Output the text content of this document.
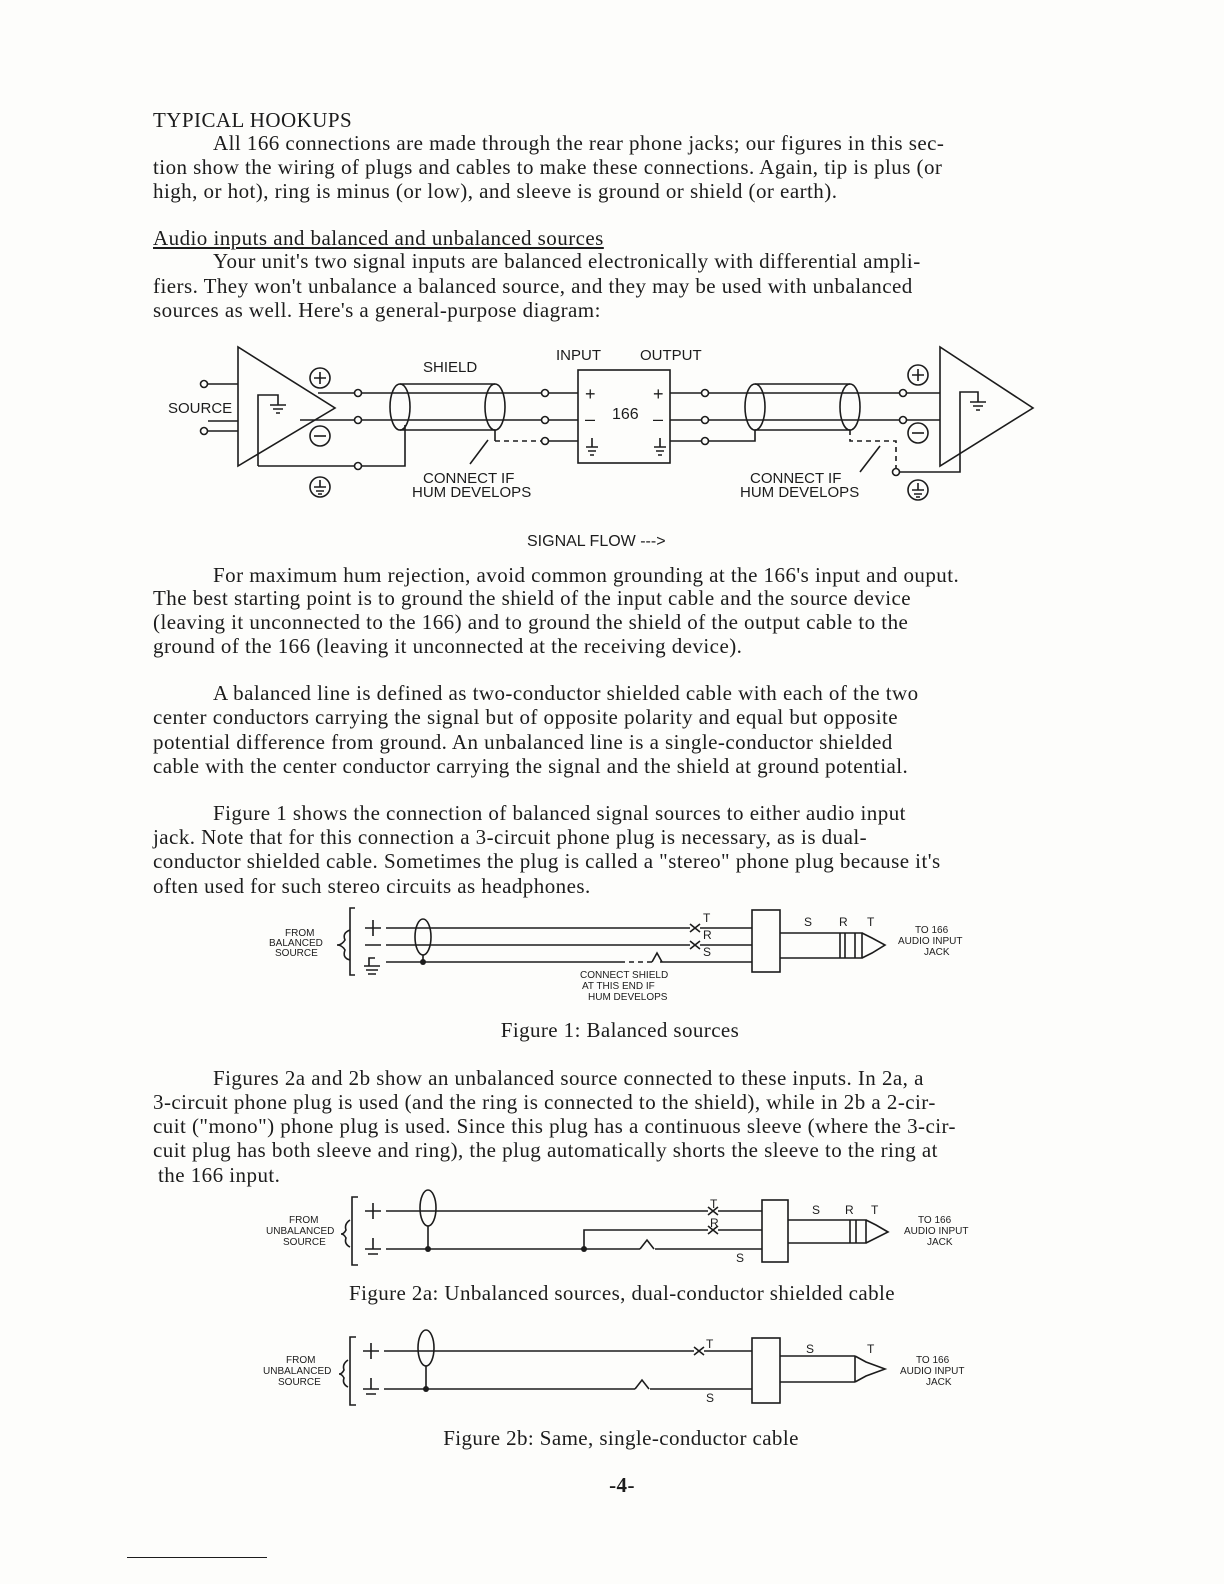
TYPICAL HOOKUPS
All 166 connections are made through the rear phone jacks; our figures in this sec-
tion show the wiring of plugs and cables to make these connections. Again, tip is plus (or
high, or hot), ring is minus (or low), and sleeve is ground or shield (or earth).
Audio inputs and balanced and unbalanced sources
Your unit's two signal inputs are balanced electronically with differential ampli-
fiers. They won't unbalance a balanced source, and they may be used with unbalanced
sources as well. Here's a general-purpose diagram:
For maximum hum rejection, avoid common grounding at the 166's input and ouput.
The best starting point is to ground the shield of the input cable and the source device
(leaving it unconnected to the 166) and to ground the shield of the output cable to the
ground of the 166 (leaving it unconnected at the receiving device).
A balanced line is defined as two-conductor shielded cable with each of the two
center conductors carrying the signal but of opposite polarity and equal but opposite
potential difference from ground. An unbalanced line is a single-conductor shielded
cable with the center conductor carrying the signal and the shield at ground potential.
Figure 1 shows the connection of balanced signal sources to either audio input
jack. Note that for this connection a 3-circuit phone plug is necessary, as is dual-
conductor shielded cable. Sometimes the plug is called a "stereo" phone plug because it's
often used for such stereo circuits as headphones.
Figure 1: Balanced sources
Figures 2a and 2b show an unbalanced source connected to these inputs. In 2a, a
3-circuit phone plug is used (and the ring is connected to the shield), while in 2b a 2-cir-
cuit ("mono") phone plug is used. Since this plug has a continuous sleeve (where the 3-cir-
cuit plug has both sleeve and ring), the plug automatically shorts the sleeve to the ring at
the 166 input.
Figure 2a: Unbalanced sources, dual-conductor shielded cable
Figure 2b: Same, single-conductor cable
-4-
SOURCE
SHIELD
CONNECT IF
HUM DEVELOPS
INPUT	OUTPUT
166
+
–
+
–
CONNECT IF
HUM DEVELOPS
SIGNAL FLOW --->
FROM
BALANCED
SOURCE
T
R
S
S R T
TO 166
AUDIO INPUT
JACK
CONNECT SHIELD
AT THIS END IF
HUM DEVELOPS
FROM
UNBALANCED
SOURCE
T
R
S
S R T
TO 166
AUDIO INPUT
JACK
FROM
UNBALANCED
SOURCE
T
S
S	T
TO 166
AUDIO INPUT
JACK
